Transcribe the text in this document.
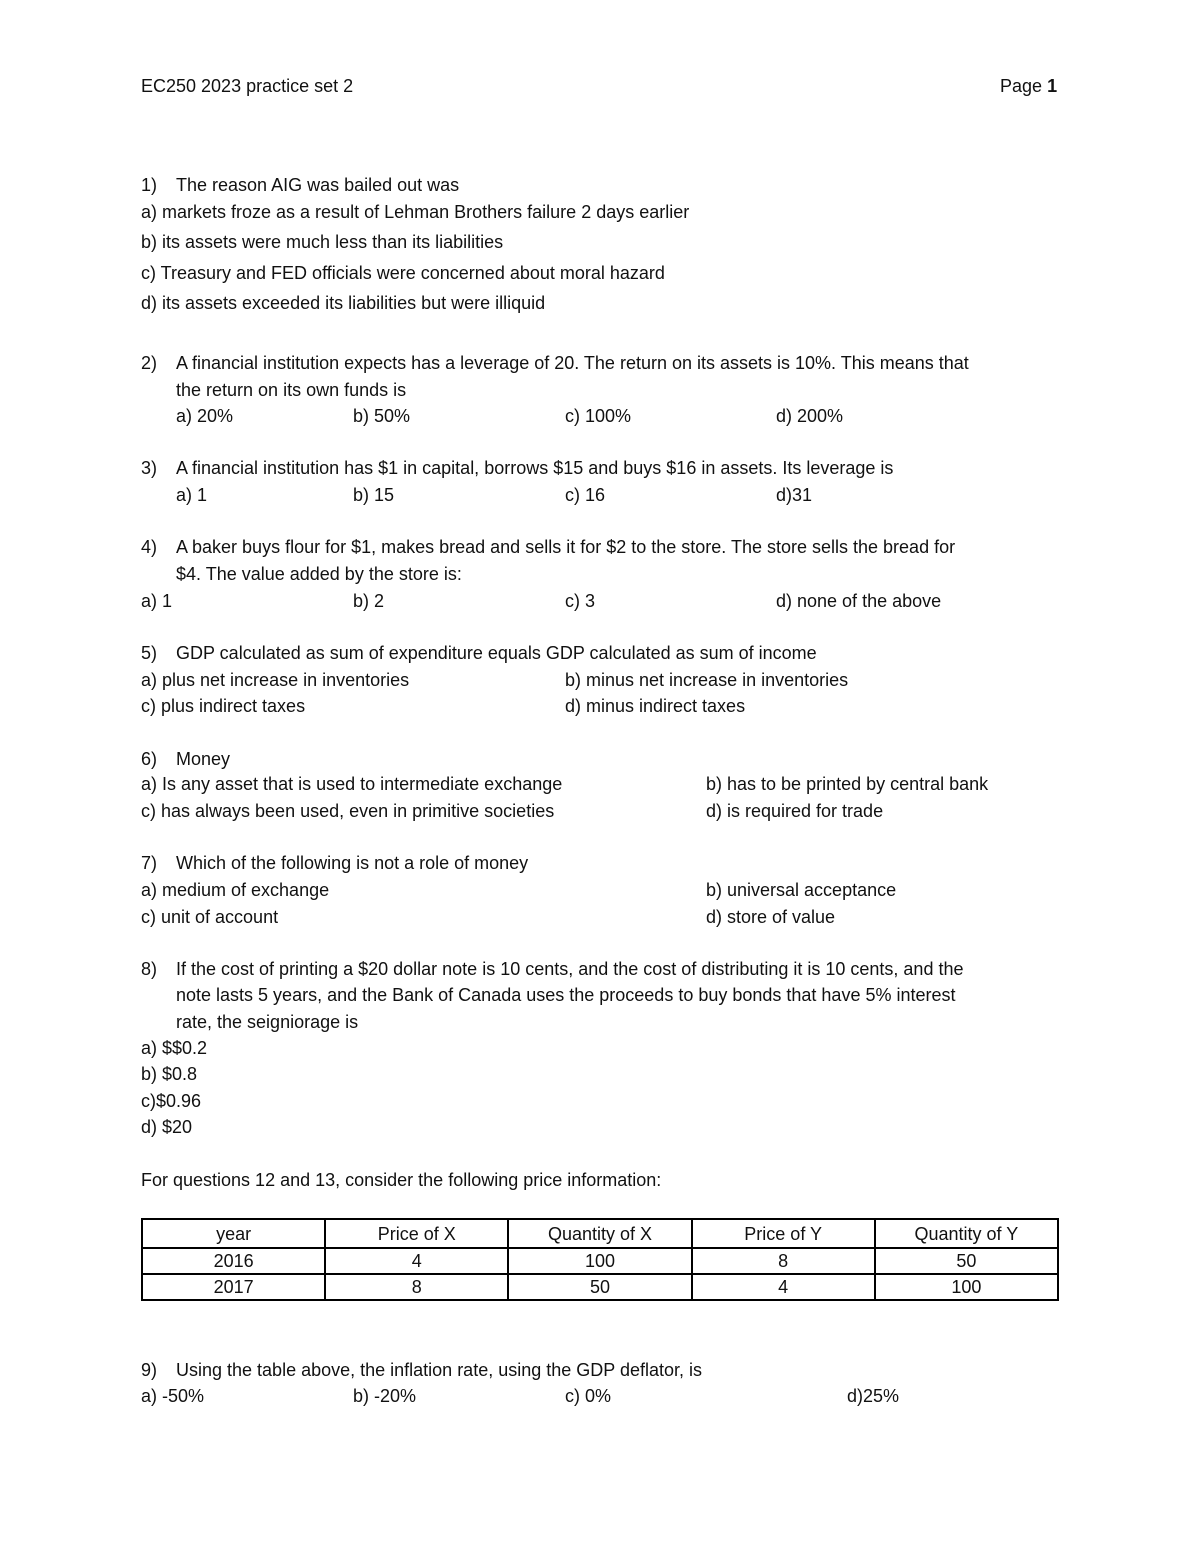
EC250 2023 practice set 2	Page 1
1) The reason AIG was bailed out was
a) markets froze as a result of Lehman Brothers failure 2 days earlier
b) its assets were much less than its liabilities
c) Treasury and FED officials were concerned about moral hazard
d) its assets exceeded its liabilities but were illiquid
2) A financial institution expects has a leverage of 20. The return on its assets is 10%. This means that
the return on its own funds is
a) 20%	b) 50%	c) 100%	d) 200%
3) A financial institution has $1 in capital, borrows $15 and buys $16 in assets. Its leverage is
a) 1	b) 15	c) 16	d)31
4) A baker buys flour for $1, makes bread and sells it for $2 to the store. The store sells the bread for
$4. The value added by the store is:
a) 1	b) 2	c) 3	d) none of the above
5) GDP calculated as sum of expenditure equals GDP calculated as sum of income
a) plus net increase in inventories	b) minus net increase in inventories
c) plus indirect taxes	d) minus indirect taxes
6) Money
a) Is any asset that is used to intermediate exchange	b) has to be printed by central bank
c) has always been used, even in primitive societies	d) is required for trade
7) Which of the following is not a role of money
a) medium of exchange	b) universal acceptance
c) unit of account	d) store of value
8) If the cost of printing a $20 dollar note is 10 cents, and the cost of distributing it is 10 cents, and the
note lasts 5 years, and the Bank of Canada uses the proceeds to buy bonds that have 5% interest
rate, the seigniorage is
a) $$0.2
b) $0.8
c)$0.96
d) $20
For questions 12 and 13, consider the following price information:
year	Price of X	Quantity of X	Price of Y	Quantity of Y
2016	4	100	8	50
2017	8	50	4	100
9) Using the table above, the inflation rate, using the GDP deflator, is
a) -50%	b) -20%	c) 0%	d)25%
